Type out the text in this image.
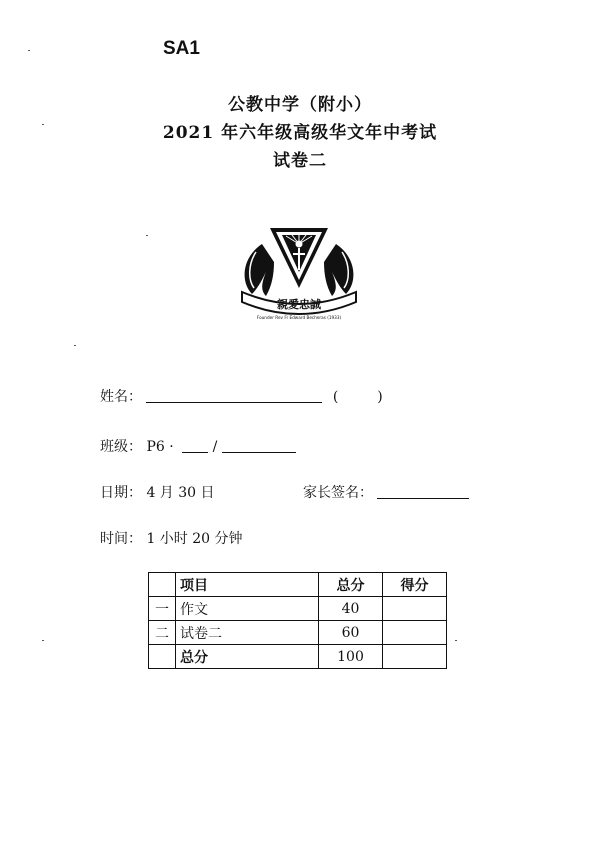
SA1
公教中学（附小）
2021 年六年级高级华文年中考试
试卷二
親愛忠誠
Founder Rev Fr Edward Becheras (1933)
姓名：	(	)
班级： P6 ·	/
日期： 4 月 30 日	家长签名：
时间： 1 小时 20 分钟
	项目	总分	得分
一	作文	40	
二	试卷二	60	
	总分	100	
